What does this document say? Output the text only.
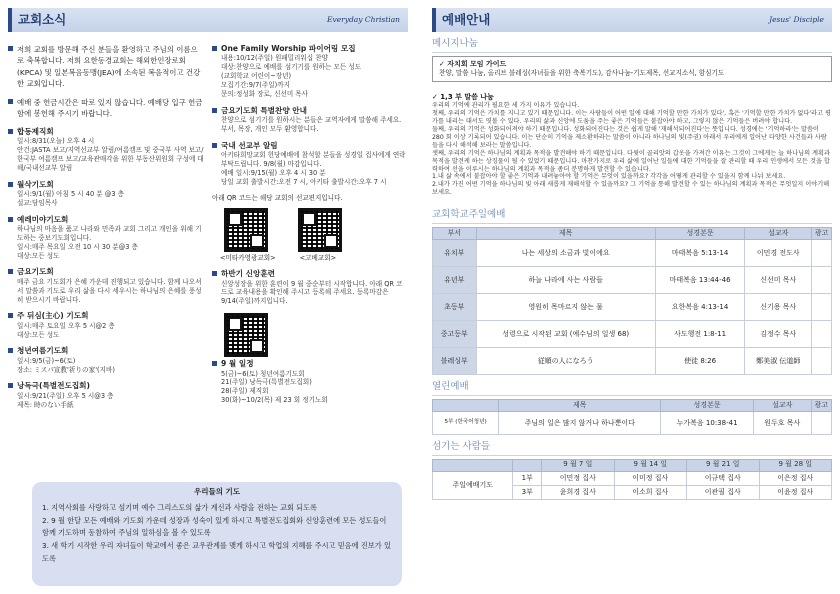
교회소식	Everyday Christian
저희 교회를 방문해 주신 분들을 환영하고 주님의 이름으로 축복합니다. 저희 요한동경교회는 해외한인장로회(KPCA) 및 일본복음동맹(JEA)에 소속된 복음적이고 건강한 교회입니다.
예배 중 헌금시간은 따로 있지 않습니다. 예배당 입구 헌금함에 봉헌해 주시기 바랍니다.
합동제직회
일시:8/31(오늘) 오후 4 시
안건:JASTA 보고/지역선교부 알림/여름캠프 및 중국부 사역 보고/한국부 여름캠프 보고/교육관매각을 위한 부동산위원회 구성에 대해/국내선교부 알림
월삭기도회
일시:9/1(월) 아침 5 시 40 분 @3 층
설교:담임목사
예레미야기도회
하나님의 마음을 품고 나라와 민족과 교회 그리고 개인을 위해 기도하는 중보기도회입니다.
일시:매주 목요일 오전 10 시 30 분@3 층
대상:모든 성도
금요기도회
매주 금요 기도회가 은혜 가운데 진행되고 있습니다. 함께 나오셔서 말씀과 기도로 우리 삶을 다시 세우시는 하나님의 은혜를 풍성히 받으시기 바랍니다.
주 뒤심(主心) 기도회
일시:매주 토요일 오후 5 시@2 층
대상:모든 성도
청년여름기도회
일시:9/5(금)~6(토)
장소: ミスパ宣教'祈りの家'(지바)
낭독극(특별전도집회)
일시:9/21(주일) 오후 5 시@3 층
제목: 時のない手紙
One Family Worship 파이어링 모집
내용:10/12(주일) 원패밀리워십 찬양
대상:찬양으로 예배를 섬기기를 원하는 모든 성도
(교회학교 어린이~장년)
모집기간:9/7(주일)까지
문의:정성화 장로, 신선미 목사
금요기도회 특별찬양 안내
찬양으로 섬기기를 원하시는 분들은 교역자에게 말씀해 주세요. 부서, 목장, 개인 모두 환영합니다.
국내 선교부 알림
아키타희망교회 헌당예배에 참석할 분들을 성경일 집사에게 연락부탁드립니다. 9/8(월) 마감입니다.
예배 일시:9/15(월) 오후 4 시 30 분
당일 교회 출발시간:오전 7 시, 아키타 출발시간:오후 7 시
아래 QR 코드는 해당 교회의 선교편지입니다.
<미타카영광교회>	<고베교회>
하반기 신앙훈련
신앙성장을 위한 훈련이 9 월 중순부터 시작합니다. 아래 QR 코드로 교육내용을 확인해 주시고 등록해 주세요. 등록마감은 9/14(주일)까지입니다.
9 월 일정
5(금)~6(토) 청년여름기도회
21(주일) 낭독극(특별전도집회)
28(주일) 제직회
30(화)~10/2(목) 제 23 회 정기노회
우리들의 기도

1. 지역사회를 사랑하고 섬기며 예수 그리스도의 삶가 계신과 사람을 전하는 교회 되도록

2. 9 월 한달 모든 예배와 기도회 가운데 성장과 성숙이 있게 하시고 특별전도집회와 신앙훈련에 모든 성도들이 함께 기도하며 동참하여 주님의 일하심을 볼 수 있도록

3. 새 학기 시작한 우리 자녀들이 학교에서 좋은 교우관계를 맺게 하시고 학업의 지혜를 주시고 믿음에 진보가 있도록

예배안내	Jesus' Disciple
메시지나눔
✓ 자치회 모임 가이드
찬양, 말씀 나눔, 올리브 블레싱(자녀들을 위한 축복기도), 감사나눔-기도제목, 선교지소식, 함심기도

✓ 1,3 부 말씀 나눔

우리의 기억에 관리가 필요한 세 가지 이유가 있습니다.
첫째, 우리의 기억은 가치를 지니고 있기 때문입니다. 이는 사람들이 어떤 일에 대해 기억할 만한 가치가 있다', 혹은 '기억할 만한 가치가 없다'라고 평가를 내리는 대서도 엿볼 수 있다. 우리의 삶과 신앙에 도움을 주는 좋은 기억들은 붙잡아야 하고, 그렇지 않은 기억들은 버려야 합니다.
둘째, 우리의 기억은 성화되어져야 하기 때문입니다. 성화되어진다는 것은 쉽게 말해 '재해석되어진다'는 뜻입니다. 성경에는 '기억하라'는 말씀이 280 회 이상 기록되어 있습니다. 이는 단순히 기억을 제소환하라는 말씀이 아니라 하나님의 빛(주권) 아래서 우리에게 일어난 다양한 사건들과 사람들을 다시 해석해 보라는 말씀입니다.
셋째, 우리의 기억은 하나님의 계획과 목적을 발견해야 하기 때문입니다. 다윗이 골리앗의 갑옷을 가져간 이유는 그것이 그에게는 늘 하나님의 계획과 목적을 발견케 하는 상징물이 될 수 있었기 때문입니다. 마찬가지로 우리 삶에 일어난 일들에 대한 기억들을 잘 관리할 때 우리 인생에서 모든 것을 합력하여 선을 이루시는 하나님의 계획과 목적을 좀더 분명하게 발견할 수 있습니다.
1.내 삶 속에서 붙잡아야 할 좋은 기억과 내려놓아야 할 기억은 무엇이 있을까요? 각각을 어떻게 관리할 수 있을지 함께 나눠 보세요.
2.내가 가진 어떤 기억을 하나님의 빛 아래 새롭게 재해석할 수 있을까요? 그 기억을 통해 발견할 수 있는 하나님의 계획과 목적은 무엇일지 이야기해 보세요.

교회학교주일예배
부서	제목	성경본문	설교자	광고
유치부	나는 세상의 소금과 빛이에요	마태복음 5:13-14	이민경 전도사	
유년부	하늘 나라에 사는 사람들	마태복음 13:44-46	신선미 목사	
초등부	영원히 목마르지 않는 물	요한복음 4:13-14	신기용 목사	
중고등부	성령으로 시작된 교회 (예수님의 일생 68)	사도행전 1:8-11	김정수 목사	
블레싱부	従順の人になろう	使徒 8:26	鄭美淑 伝道師	
열린예배
	제목	성경본문	설교자	광고
5부 (한국어청년)	주님의 일은 많지 않거나 하나뿐이다	누가복음 10:38-41	원두호 목사	
섬기는 사람들
		9 월 7 일	9 월 14 일	9 월 21 일	9 월 28 일
주일예배기도	1부	이민정 집사	이미정 집사	이규택 집사	이은정 집사
	3부	윤희경 집사	이소희 집사	이관필 집사	이윤정 집사
